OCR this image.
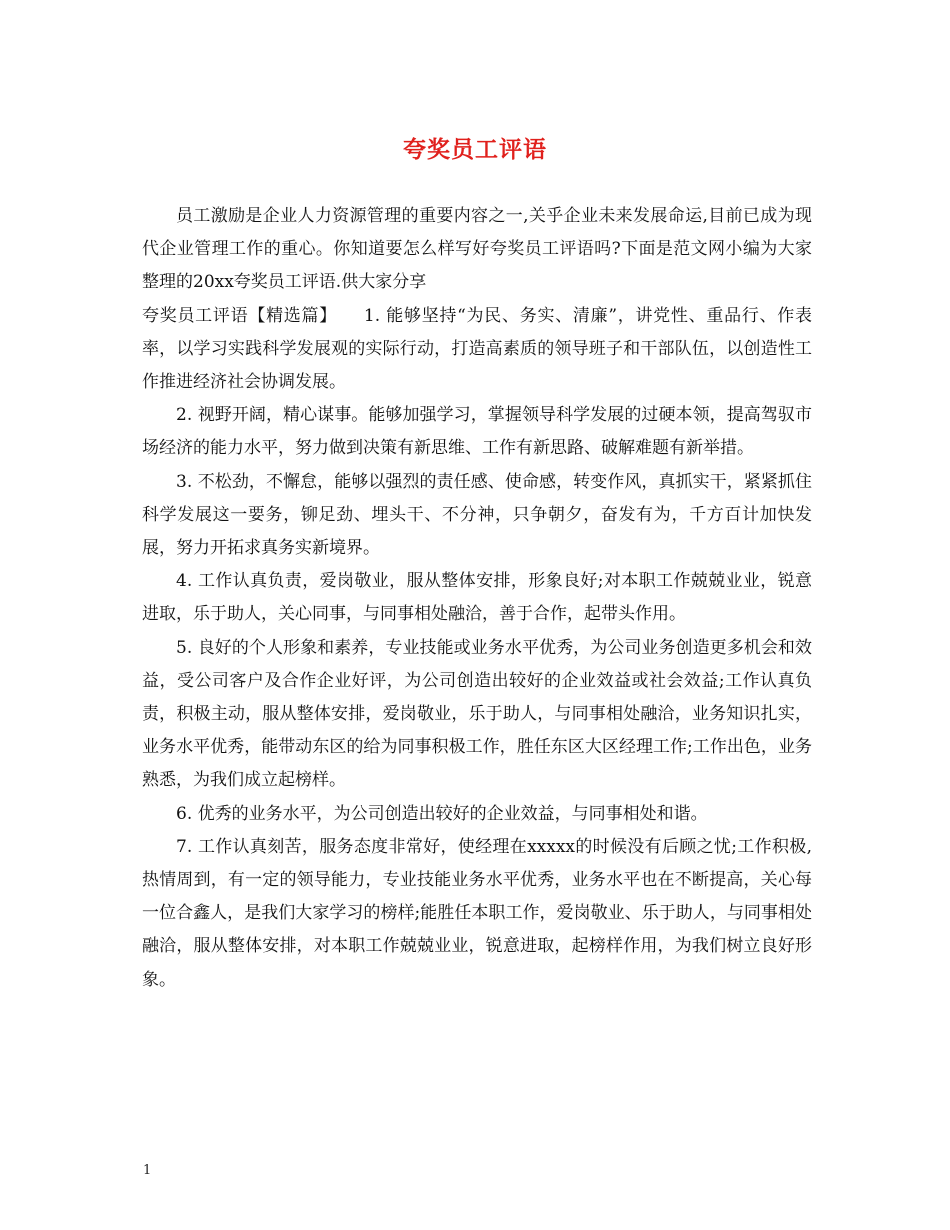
夸奖员工评语

员工激励是企业人力资源管理的重要内容之一,关乎企业未来发展命运,目前已成为现代企业管理工作的重心。你知道要怎么样写好夸奖员工评语吗?下面是范文网小编为大家整理的20xx夸奖员工评语.供大家分享

夸奖员工评语【精选篇】　　1. 能够坚持“为民、务实、清廉”，讲党性、重品行、作表率，以学习实践科学发展观的实际行动，打造高素质的领导班子和干部队伍，以创造性工作推进经济社会协调发展。

2. 视野开阔，精心谋事。能够加强学习，掌握领导科学发展的过硬本领，提高驾驭市场经济的能力水平，努力做到决策有新思维、工作有新思路、破解难题有新举措。

3. 不松劲，不懈怠，能够以强烈的责任感、使命感，转变作风，真抓实干，紧紧抓住科学发展这一要务，铆足劲、埋头干、不分神，只争朝夕，奋发有为，千方百计加快发展，努力开拓求真务实新境界。

4. 工作认真负责，爱岗敬业，服从整体安排，形象良好;对本职工作兢兢业业，锐意进取，乐于助人，关心同事，与同事相处融洽，善于合作，起带头作用。

5. 良好的个人形象和素养，专业技能或业务水平优秀，为公司业务创造更多机会和效益，受公司客户及合作企业好评，为公司创造出较好的企业效益或社会效益;工作认真负责，积极主动，服从整体安排，爱岗敬业，乐于助人，与同事相处融洽，业务知识扎实，业务水平优秀，能带动东区的给为同事积极工作，胜任东区大区经理工作;工作出色，业务熟悉，为我们成立起榜样。

6. 优秀的业务水平，为公司创造出较好的企业效益，与同事相处和谐。

7. 工作认真刻苦，服务态度非常好，使经理在xxxxx的时候没有后顾之忧;工作积极,热情周到，有一定的领导能力，专业技能业务水平优秀，业务水平也在不断提高，关心每一位合鑫人，是我们大家学习的榜样;能胜任本职工作，爱岗敬业、乐于助人，与同事相处融洽，服从整体安排，对本职工作兢兢业业，锐意进取，起榜样作用，为我们树立良好形象。

1
